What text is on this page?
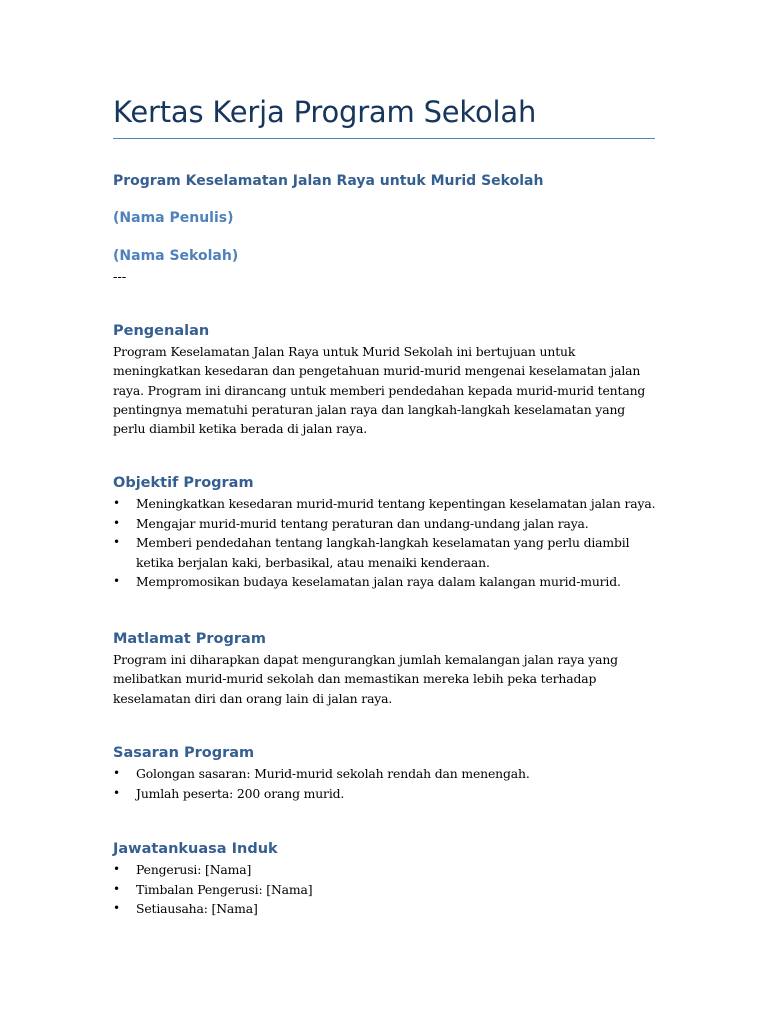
Kertas Kerja Program Sekolah
Program Keselamatan Jalan Raya untuk Murid Sekolah
(Nama Penulis)
(Nama Sekolah)
---
Pengenalan

Program Keselamatan Jalan Raya untuk Murid Sekolah ini bertujuan untuk meningkatkan kesedaran dan pengetahuan murid-murid mengenai keselamatan jalan raya. Program ini dirancang untuk memberi pendedahan kepada murid-murid tentang pentingnya mematuhi peraturan jalan raya dan langkah-langkah keselamatan yang perlu diambil ketika berada di jalan raya.

Objektif Program
•
Meningkatkan kesedaran murid-murid tentang kepentingan keselamatan jalan raya.
•
Mengajar murid-murid tentang peraturan dan undang-undang jalan raya.
•
Memberi pendedahan tentang langkah-langkah keselamatan yang perlu diambil ketika berjalan kaki, berbasikal, atau menaiki kenderaan.
•
Mempromosikan budaya keselamatan jalan raya dalam kalangan murid-murid.
Matlamat Program

Program ini diharapkan dapat mengurangkan jumlah kemalangan jalan raya yang melibatkan murid-murid sekolah dan memastikan mereka lebih peka terhadap keselamatan diri dan orang lain di jalan raya.

Sasaran Program
•
Golongan sasaran: Murid-murid sekolah rendah dan menengah.
•
Jumlah peserta: 200 orang murid.
Jawatankuasa Induk
•
Pengerusi: [Nama]
•
Timbalan Pengerusi: [Nama]
•
Setiausaha: [Nama]
